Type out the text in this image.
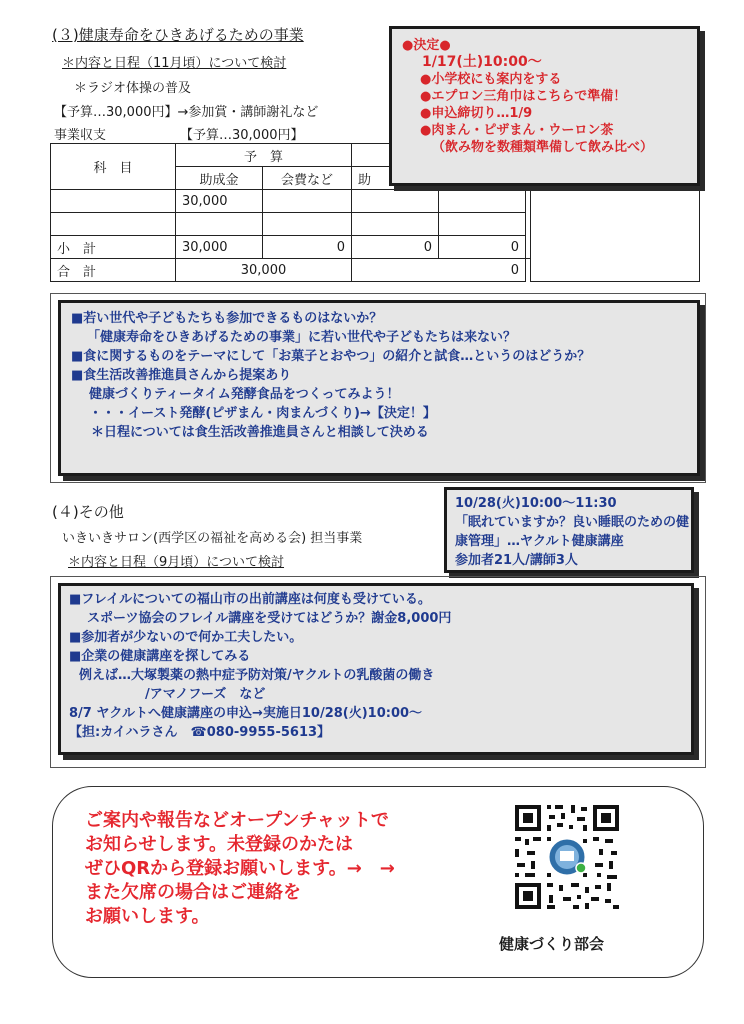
(３)健康寿命をひきあげるための事業
＊内容と日程（11月頃）について検討
＊ラジオ体操の普及
【予算…30,000円】→参加賞・講師謝礼など
事業収支	【予算…30,000円】
科　目	予　算				
	助成金	会費など	助		
	30,000				

小　計	30,000	0	0	0	
合　計	30,000		0		
●決定●
1/17(土)10:00～
●小学校にも案内をする
●エプロン三角巾はこちらで準備！
●申込締切り…1/9
●肉まん・ピザまん・ウーロン茶
（飲み物を数種類準備して飲み比べ）
■若い世代や子どもたちも参加できるものはないか？
「健康寿命をひきあげるための事業」に若い世代や子どもたちは来ない？
■食に関するものをテーマにして「お菓子とおやつ」の紹介と試食…というのはどうか？
■食生活改善推進員さんから提案あり
健康づくりティータイム発酵食品をつくってみよう！
・・・イースト発酵(ピザまん・肉まんづくり)→【決定！】
＊日程については食生活改善推進員さんと相談して決める
(４)その他
いきいきサロン(西学区の福祉を高める会) 担当事業
＊内容と日程（9月頃）について検討
10/28(火)10:00～11:30
「眠れていますか？良い睡眠のための健
康管理」…ヤクルト健康講座
参加者21人/講師3人
■フレイルについての福山市の出前講座は何度も受けている。
スポーツ協会のフレイル講座を受けてはどうか？謝金8,000円
■参加者が少ないので何か工夫したい。
■企業の健康講座を探してみる
例えば…大塚製薬の熱中症予防対策/ヤクルトの乳酸菌の働き
/アマノフーズ　など
8/7 ヤクルトへ健康講座の申込→実施日10/28(火)10:00～
【担:カイハラさん　☎080-9955-5613】
ご案内や報告などオープンチャットで
お知らせします。未登録のかたは
ぜひQRから登録お願いします。→　→
また欠席の場合はご連絡を
お願いします。
健康づくり部会
